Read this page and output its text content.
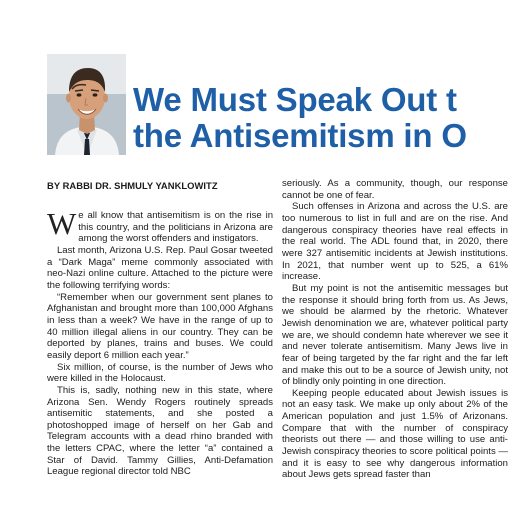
We Must Speak Out t
the Antisemitism in O
BY RABBI DR. SHMULY YANKLOWITZ

We all know that antisemitism is on the rise in this country, and the politicians in Arizona are among the worst offenders and instigators.

Last month, Arizona U.S. Rep. Paul Gosar tweeted a “Dark Maga” meme commonly associated with neo-Nazi online culture. Attached to the picture were the following terrifying words:

“Remember when our government sent planes to Afghanistan and brought more than 100,000 Afghans in less than a week? We have in the range of up to 40 million illegal aliens in our country. They can be deported by planes, trains and buses. We could easily deport 6 million each year.”

Six million, of course, is the number of Jews who were killed in the Holocaust.

This is, sadly, nothing new in this state, where Arizona Sen. Wendy Rogers routinely spreads antisemitic statements, and she posted a photoshopped image of herself on her Gab and Telegram accounts with a dead rhino branded with the letters CPAC, where the letter “a” contained a Star of David. Tammy Gillies, Anti-Defamation League regional director told NBC

seriously. As a community, though, our response cannot be one of fear.

Such offenses in Arizona and across the U.S. are too numerous to list in full and are on the rise. And dangerous conspiracy theories have real effects in the real world. The ADL found that, in 2020, there were 327 antisemitic incidents at Jewish institutions. In 2021, that number went up to 525, a 61% increase.

But my point is not the antisemitic messages but the response it should bring forth from us. As Jews, we should be alarmed by the rhetoric. Whatever Jewish denomination we are, whatever political party we are, we should condemn hate wherever we see it and never tolerate antisemitism. Many Jews live in fear of being targeted by the far right and the far left and make this out to be a source of Jewish unity, not of blindly only pointing in one direction.

Keeping people educated about Jewish issues is not an easy task. We make up only about 2% of the American population and just 1.5% of Arizonans. Compare that with the number of conspiracy theorists out there — and those willing to use anti-Jewish conspiracy theories to score political points — and it is easy to see why dangerous information about Jews gets spread faster than
